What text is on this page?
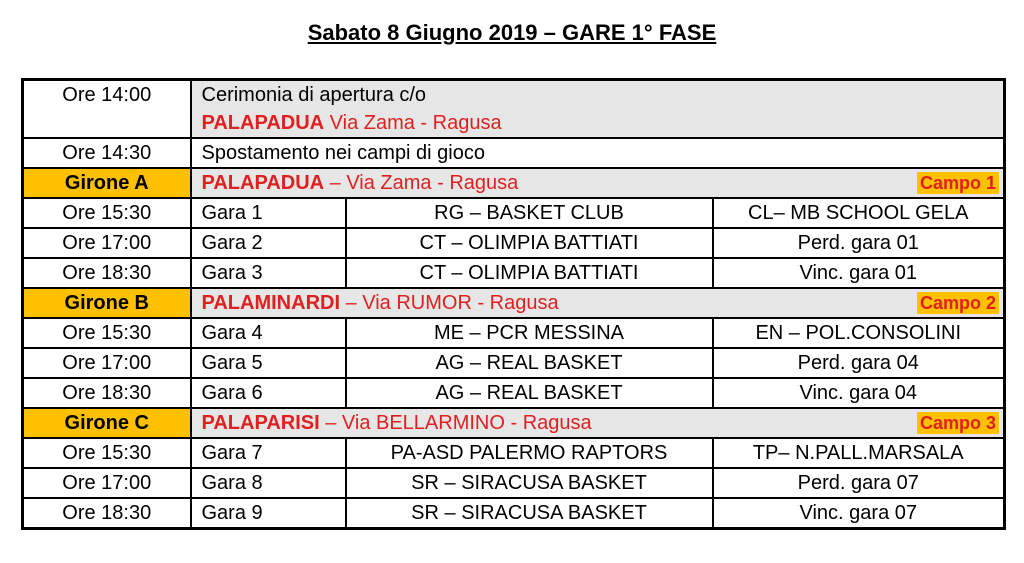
Sabato 8 Giugno 2019 – GARE 1° FASE
Ore 14:00	Cerimonia di apertura c/o
PALAPADUA Via Zama - Ragusa		

Ore 14:30	Spostamento nei campi di gioco		
Girone A	PALAPADUA – Via Zama - Ragusa Campo 1		

Ore 15:30	Gara 1	RG – BASKET CLUB	CL– MB SCHOOL GELA
Ore 17:00	Gara 2	CT – OLIMPIA BATTIATI	Perd. gara 01
Ore 18:30	Gara 3	CT – OLIMPIA BATTIATI	Vinc. gara 01
Girone B	PALAMINARDI – Via RUMOR - Ragusa Campo 2		

Ore 15:30	Gara 4	ME – PCR MESSINA	EN – POL.CONSOLINI
Ore 17:00	Gara 5	AG – REAL BASKET	Perd. gara 04
Ore 18:30	Gara 6	AG – REAL BASKET	Vinc. gara 04
Girone C	PALAPARISI – Via BELLARMINO - Ragusa Campo 3		

Ore 15:30	Gara 7	PA-ASD PALERMO RAPTORS	TP– N.PALL.MARSALA
Ore 17:00	Gara 8	SR – SIRACUSA BASKET	Perd. gara 07
Ore 18:30	Gara 9	SR – SIRACUSA BASKET	Vinc. gara 07
